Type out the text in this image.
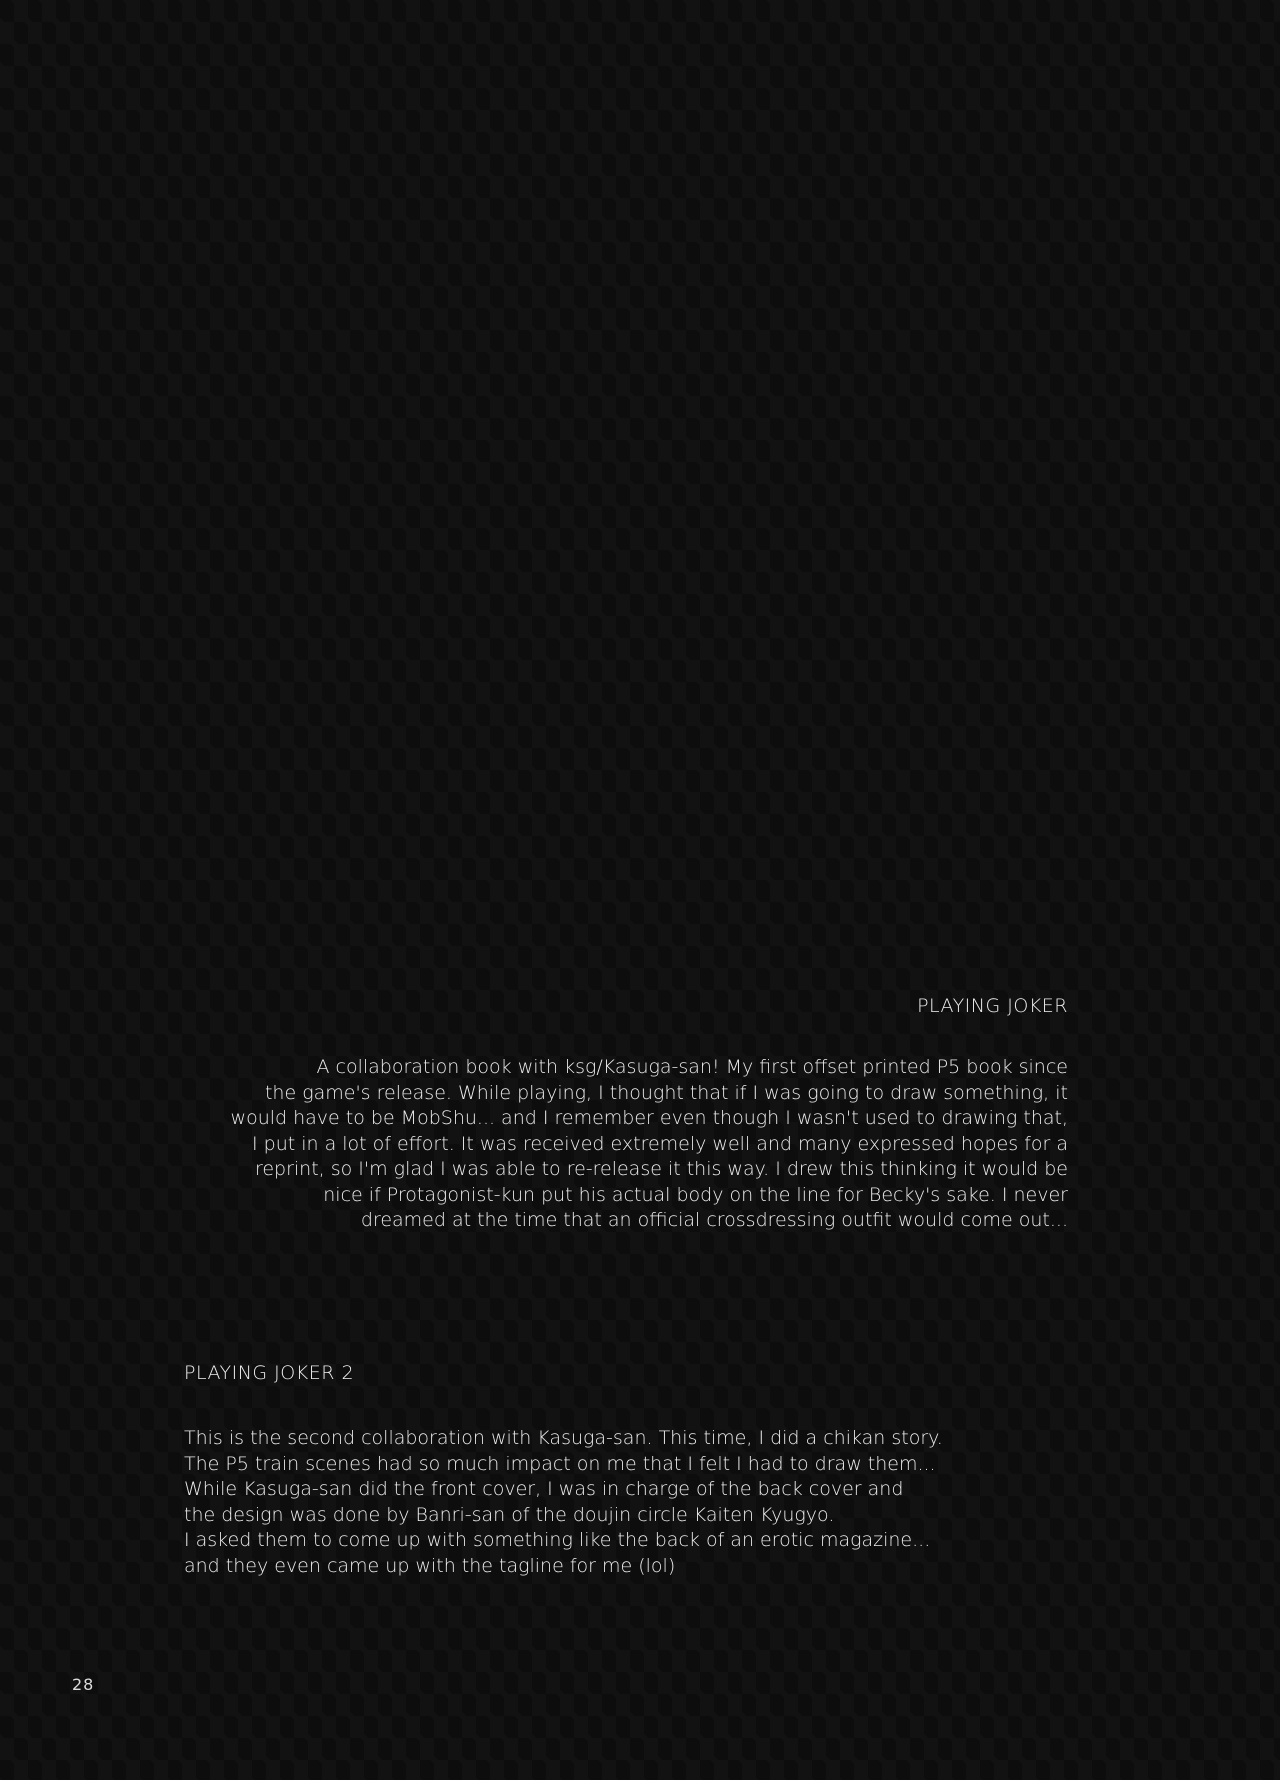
PLAYING JOKER
A collaboration book with ksg/Kasuga-san! My first offset printed P5 book since
the game's release. While playing, I thought that if I was going to draw something, it
would have to be MobShu... and I remember even though I wasn't used to drawing that,
I put in a lot of effort. It was received extremely well and many expressed hopes for a
reprint, so I'm glad I was able to re-release it this way. I drew this thinking it would be
nice if Protagonist-kun put his actual body on the line for Becky's sake. I never
dreamed at the time that an official crossdressing outfit would come out...
PLAYING JOKER 2
This is the second collaboration with Kasuga-san. This time, I did a chikan story.
The P5 train scenes had so much impact on me that I felt I had to draw them...
While Kasuga-san did the front cover, I was in charge of the back cover and
the design was done by Banri-san of the doujin circle Kaiten Kyugyo.
I asked them to come up with something like the back of an erotic magazine...
and they even came up with the tagline for me (lol)
28
